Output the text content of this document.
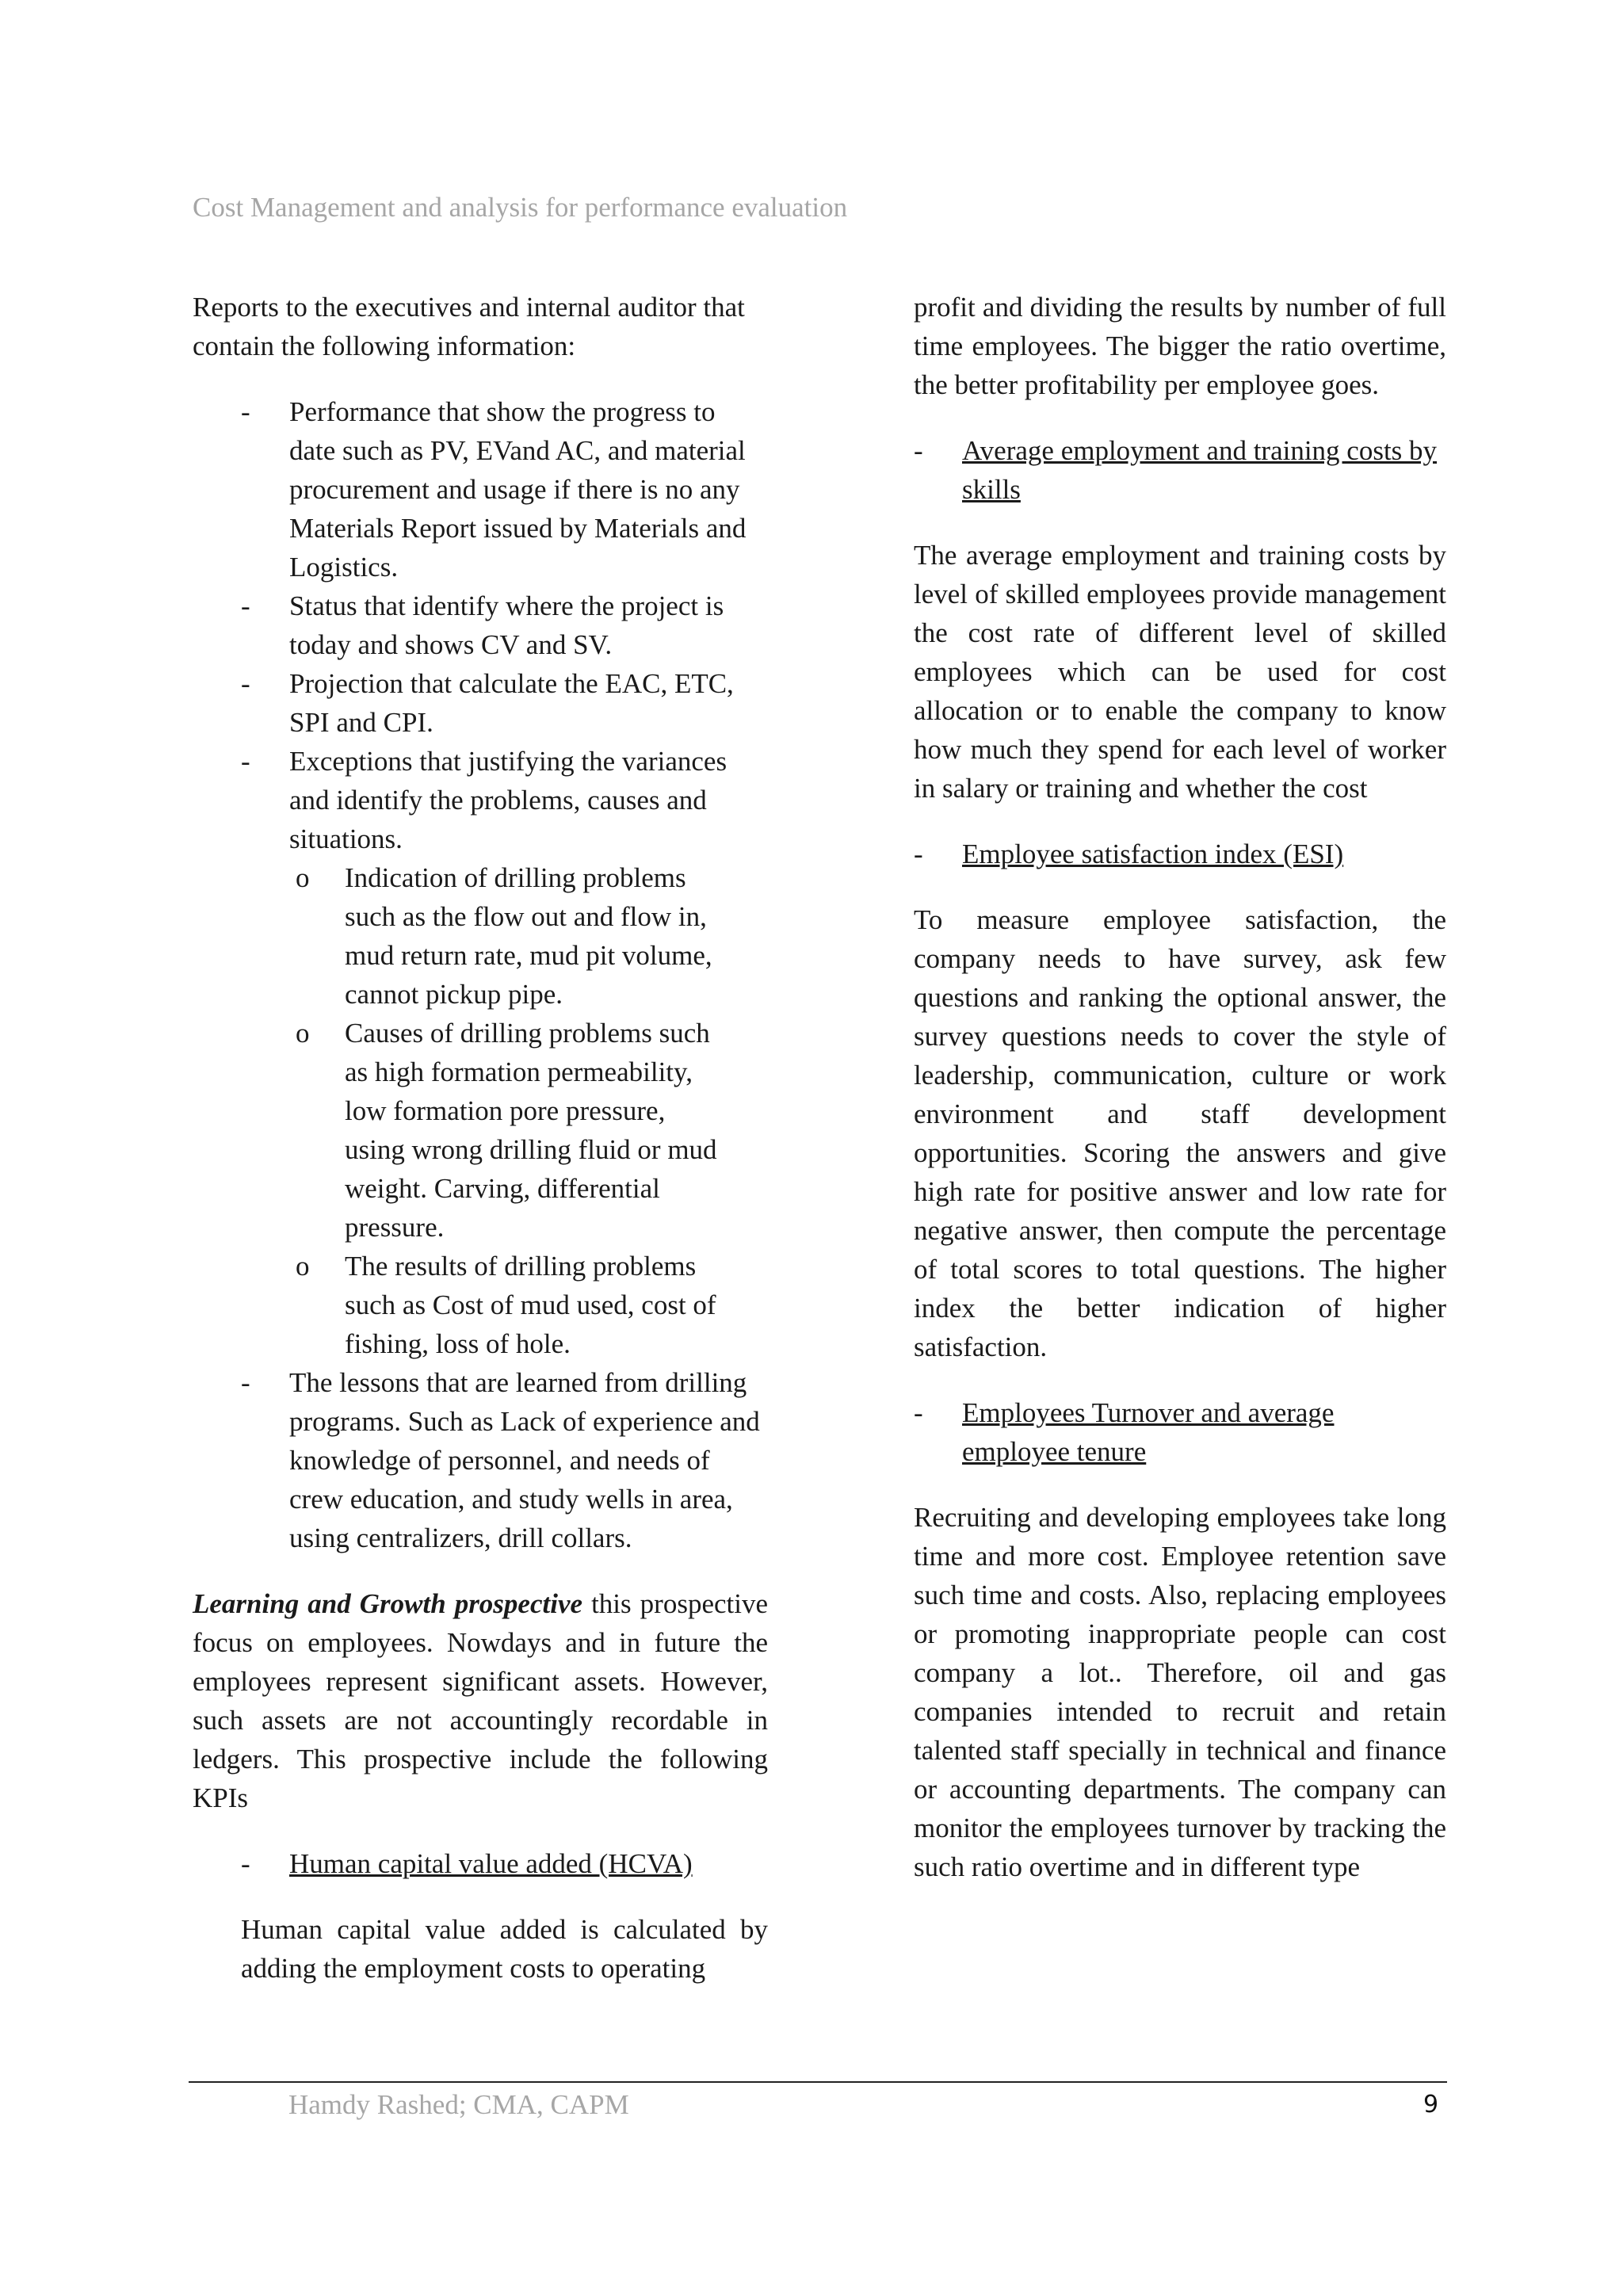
Cost Management and analysis for performance evaluation

Reports to the executives and internal auditor that contain the following information:

- Performance that show the progress to date such as PV, EVand AC, and material procurement and usage if there is no any Materials Report issued by Materials and Logistics.
- Status that identify where the project is today and shows CV and SV.
- Projection that calculate the EAC, ETC, SPI and CPI.
- Exceptions that justifying the variances and identify the problems, causes and situations.
o Indication of drilling problems such as the flow out and flow in, mud return rate, mud pit volume, cannot pickup pipe.
o Causes of drilling problems such as high formation permeability, low formation pore pressure, using wrong drilling fluid or mud weight. Carving, differential pressure.
o The results of drilling problems such as Cost of mud used, cost of fishing, loss of hole.
- The lessons that are learned from drilling programs. Such as Lack of experience and knowledge of personnel, and needs of crew education, and study wells in area, using centralizers, drill collars.

Learning and Growth prospective this prospective focus on employees. Nowdays and in future the employees represent significant assets. However, such assets are not accountingly recordable in ledgers. This prospective include the following KPIs

- Human capital value added (HCVA)

Human capital value added is calculated by adding the employment costs to operating

profit and dividing the results by number of full time employees. The bigger the ratio overtime, the better profitability per employee goes.

- Average employment and training costs by skills

The average employment and training costs by level of skilled employees provide management the cost rate of different level of skilled employees which can be used for cost allocation or to enable the company to know how much they spend for each level of worker in salary or training and whether the cost

- Employee satisfaction index (ESI)

To measure employee satisfaction, the company needs to have survey, ask few questions and ranking the optional answer, the survey questions needs to cover the style of leadership, communication, culture or work environment and staff development opportunities. Scoring the answers and give high rate for positive answer and low rate for negative answer, then compute the percentage of total scores to total questions. The higher index the better indication of higher satisfaction.

- Employees Turnover and average employee tenure

Recruiting and developing employees take long time and more cost. Employee retention save such time and costs. Also, replacing employees or promoting inappropriate people can cost company a lot.. Therefore, oil and gas companies intended to recruit and retain talented staff specially in technical and finance or accounting departments. The company can monitor the employees turnover by tracking the such ratio overtime and in different type

Hamdy Rashed; CMA, CAPM	9
